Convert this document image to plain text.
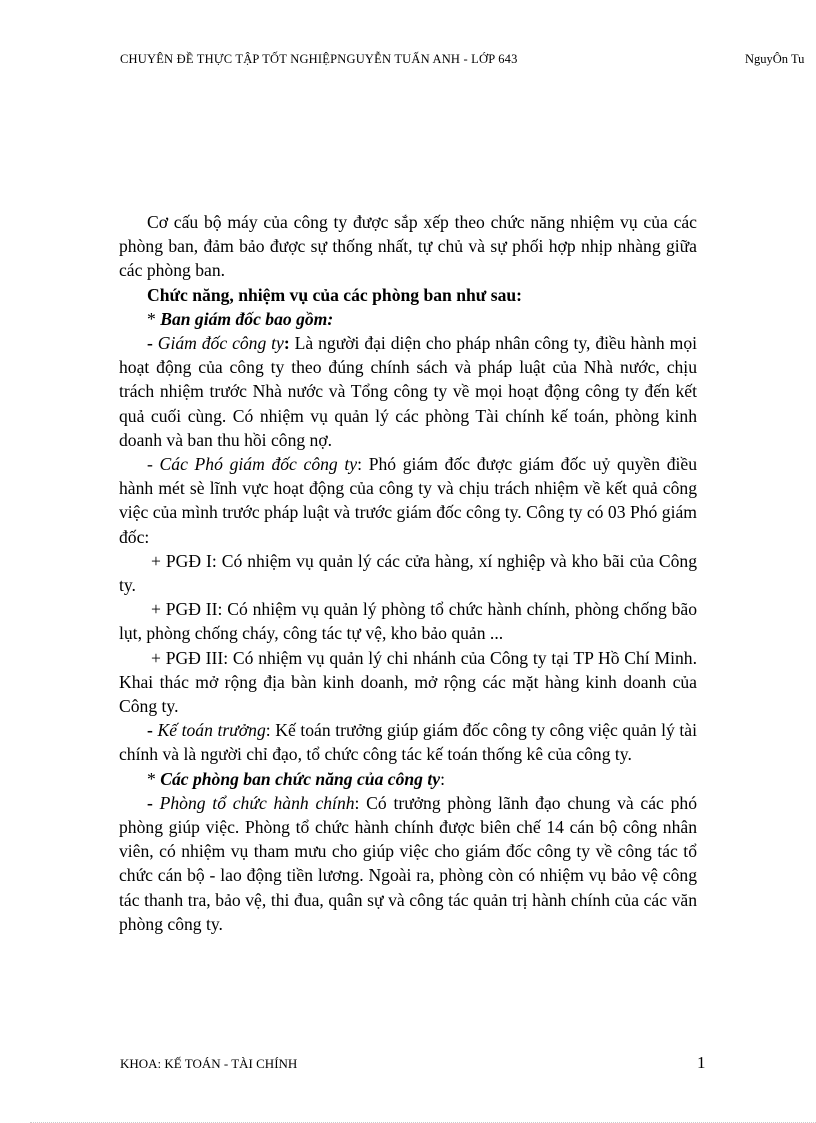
CHUYÊN ĐỀ THỰC TẬP TỐT NGHIỆPNGUYỄN TUẤN ANH - LỚP 643	NguyÔn Tu

Cơ cấu bộ máy của công ty được sắp xếp theo chức năng nhiệm vụ của các phòng ban, đảm bảo được sự thống nhất, tự chủ và sự phối hợp nhịp nhàng giữa các phòng ban.

Chức năng, nhiệm vụ của các phòng ban như sau:

* Ban giám đốc bao gồm:

- Giám đốc công ty: Là người đại diện cho pháp nhân công ty, điều hành mọi hoạt động của công ty theo đúng chính sách và pháp luật của Nhà nước, chịu trách nhiệm trước Nhà nước và Tổng công ty về mọi hoạt động công ty đến kết quả cuối cùng. Có nhiệm vụ quản lý các phòng Tài chính kế toán, phòng kinh doanh và ban thu hồi công nợ.

- Các Phó giám đốc công ty: Phó giám đốc được giám đốc uỷ quyền điều hành mét sè lĩnh vực hoạt động của công ty và chịu trách nhiệm về kết quả công việc của mình trước pháp luật và trước giám đốc công ty. Công ty có 03 Phó giám đốc:

+ PGĐ I: Có nhiệm vụ quản lý các cửa hàng, xí nghiệp và kho bãi của Công ty.

+ PGĐ II: Có nhiệm vụ quản lý phòng tổ chức hành chính, phòng chống bão lụt, phòng chống cháy, công tác tự vệ, kho bảo quản ...

+ PGĐ III: Có nhiệm vụ quản lý chi nhánh của Công ty tại TP Hồ Chí Minh. Khai thác mở rộng địa bàn kinh doanh, mở rộng các mặt hàng kinh doanh của Công ty.

- Kế toán trưởng: Kế toán trưởng giúp giám đốc công ty công việc quản lý tài chính và là người chỉ đạo, tổ chức công tác kế toán thống kê của công ty.

* Các phòng ban chức năng của công ty:

- Phòng tổ chức hành chính: Có trưởng phòng lãnh đạo chung và các phó phòng giúp việc. Phòng tổ chức hành chính được biên chế 14 cán bộ công nhân viên, có nhiệm vụ tham mưu cho giúp việc cho giám đốc công ty về công tác tổ chức cán bộ - lao động tiền lương. Ngoài ra, phòng còn có nhiệm vụ bảo vệ công tác thanh tra, bảo vệ, thi đua, quân sự và công tác quản trị hành chính của các văn phòng công ty.

KHOA: KẾ TOÁN - TÀI CHÍNH	1
